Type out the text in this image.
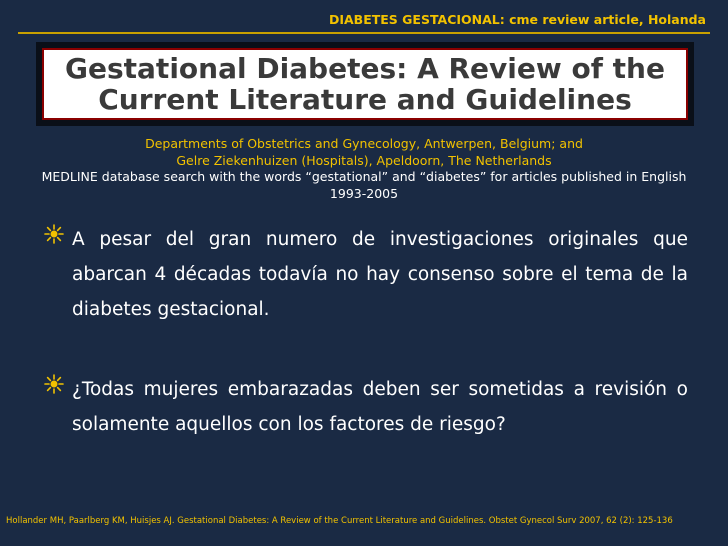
DIABETES GESTACIONAL: cme review article, Holanda
Gestational Diabetes: A Review of the
Current Literature and Guidelines
Departments of Obstetrics and Gynecology, Antwerpen, Belgium; and
Gelre Ziekenhuizen (Hospitals), Apeldoorn, The Netherlands
MEDLINE database search with the words “gestational” and “diabetes” for articles published in English
1993-2005
A pesar del gran numero de investigaciones originales que abarcan 4 décadas todavía no hay consenso sobre el tema de la diabetes gestacional.
¿Todas mujeres embarazadas deben ser sometidas a revisión o solamente aquellos con los factores de riesgo?
Hollander MH, Paarlberg KM, Huisjes AJ. Gestational Diabetes: A Review of the Current Literature and Guidelines. Obstet Gynecol Surv 2007, 62 (2): 125-136
